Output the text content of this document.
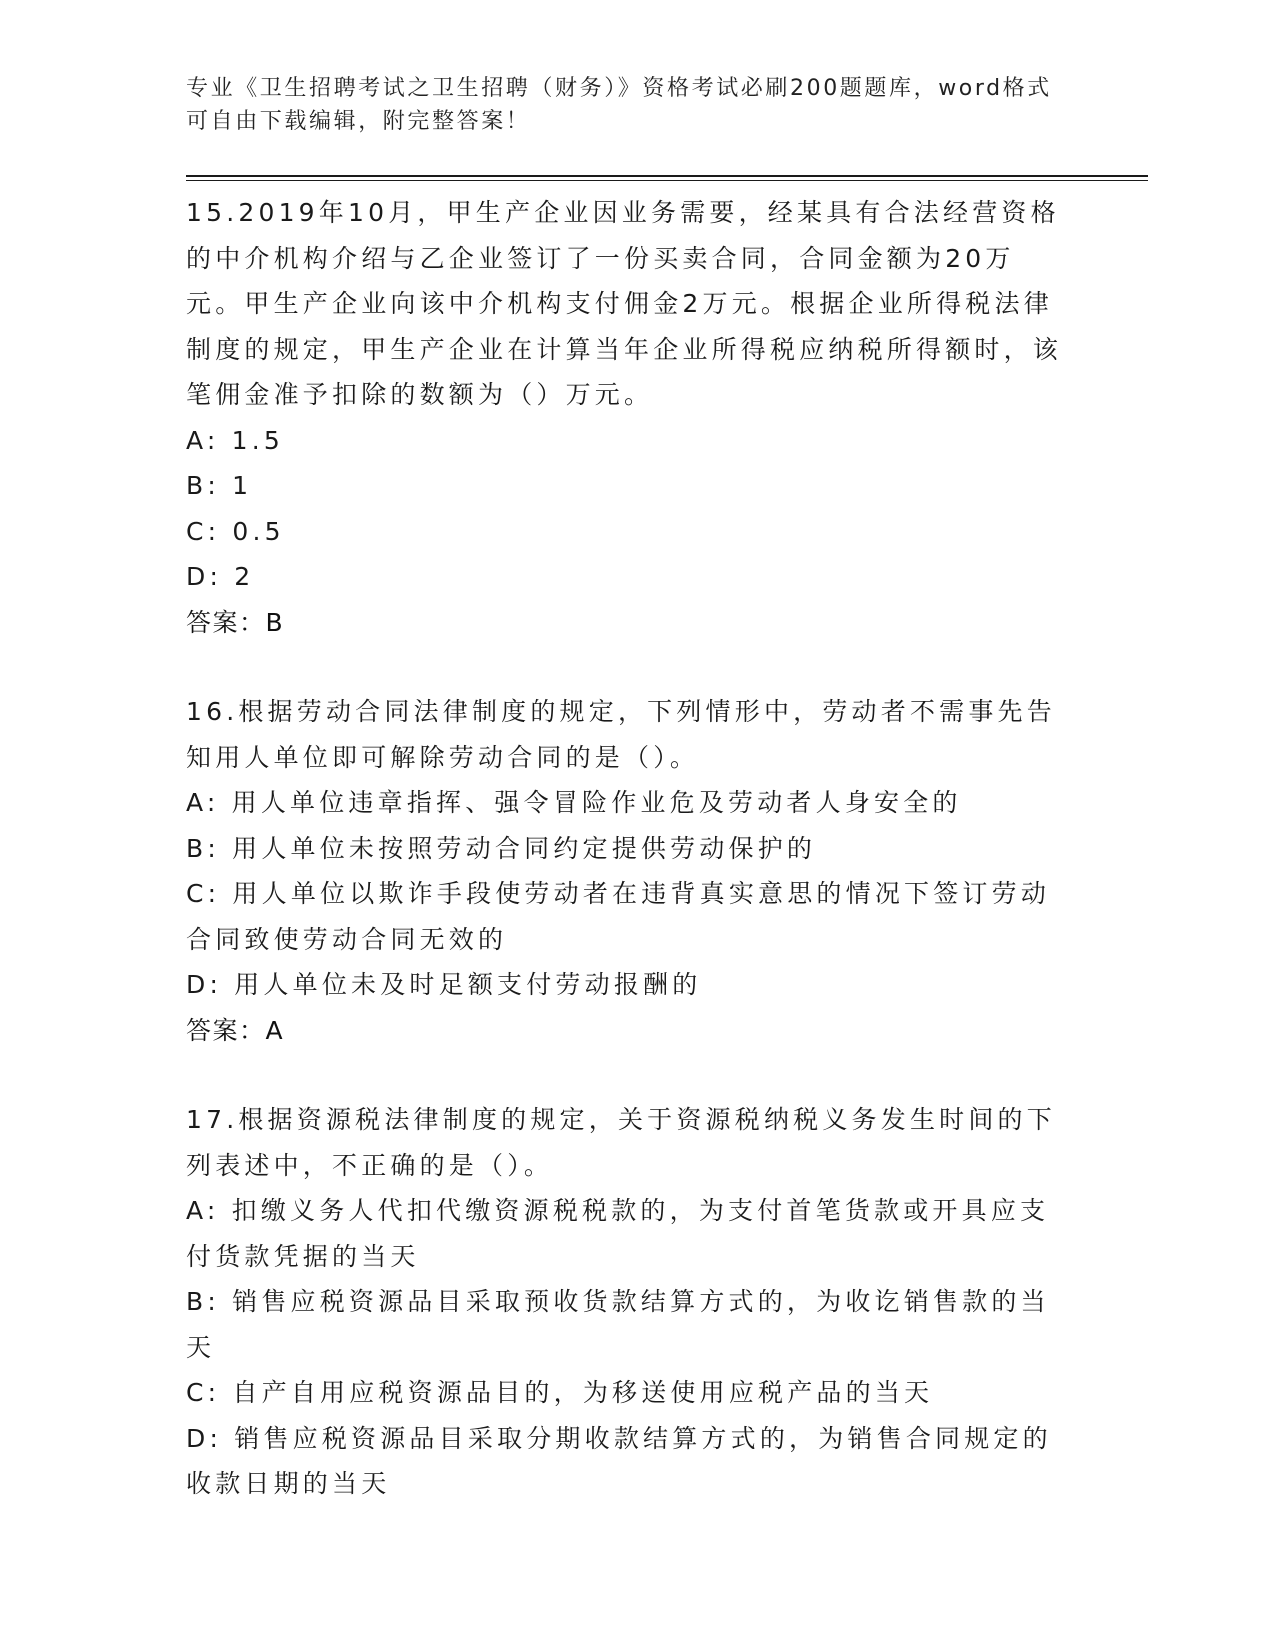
专业《卫生招聘考试之卫生招聘（财务）》资格考试必刷200题题库，word格式可自由下载编辑，附完整答案！
15.2019年10月，甲生产企业因业务需要，经某具有合法经营资格的中介机构介绍与乙企业签订了一份买卖合同，合同金额为20万元。甲生产企业向该中介机构支付佣金2万元。根据企业所得税法律制度的规定，甲生产企业在计算当年企业所得税应纳税所得额时，该笔佣金准予扣除的数额为（）万元。
A: 1.5
B: 1
C: 0.5
D: 2
答案：B
16.根据劳动合同法律制度的规定，下列情形中，劳动者不需事先告知用人单位即可解除劳动合同的是（）。
A: 用人单位违章指挥、强令冒险作业危及劳动者人身安全的
B: 用人单位未按照劳动合同约定提供劳动保护的
C: 用人单位以欺诈手段使劳动者在违背真实意思的情况下签订劳动合同致使劳动合同无效的
D: 用人单位未及时足额支付劳动报酬的
答案：A
17.根据资源税法律制度的规定，关于资源税纳税义务发生时间的下列表述中，不正确的是（）。
A: 扣缴义务人代扣代缴资源税税款的，为支付首笔货款或开具应支付货款凭据的当天
B: 销售应税资源品目采取预收货款结算方式的，为收讫销售款的当天
C: 自产自用应税资源品目的，为移送使用应税产品的当天
D: 销售应税资源品目采取分期收款结算方式的，为销售合同规定的收款日期的当天
